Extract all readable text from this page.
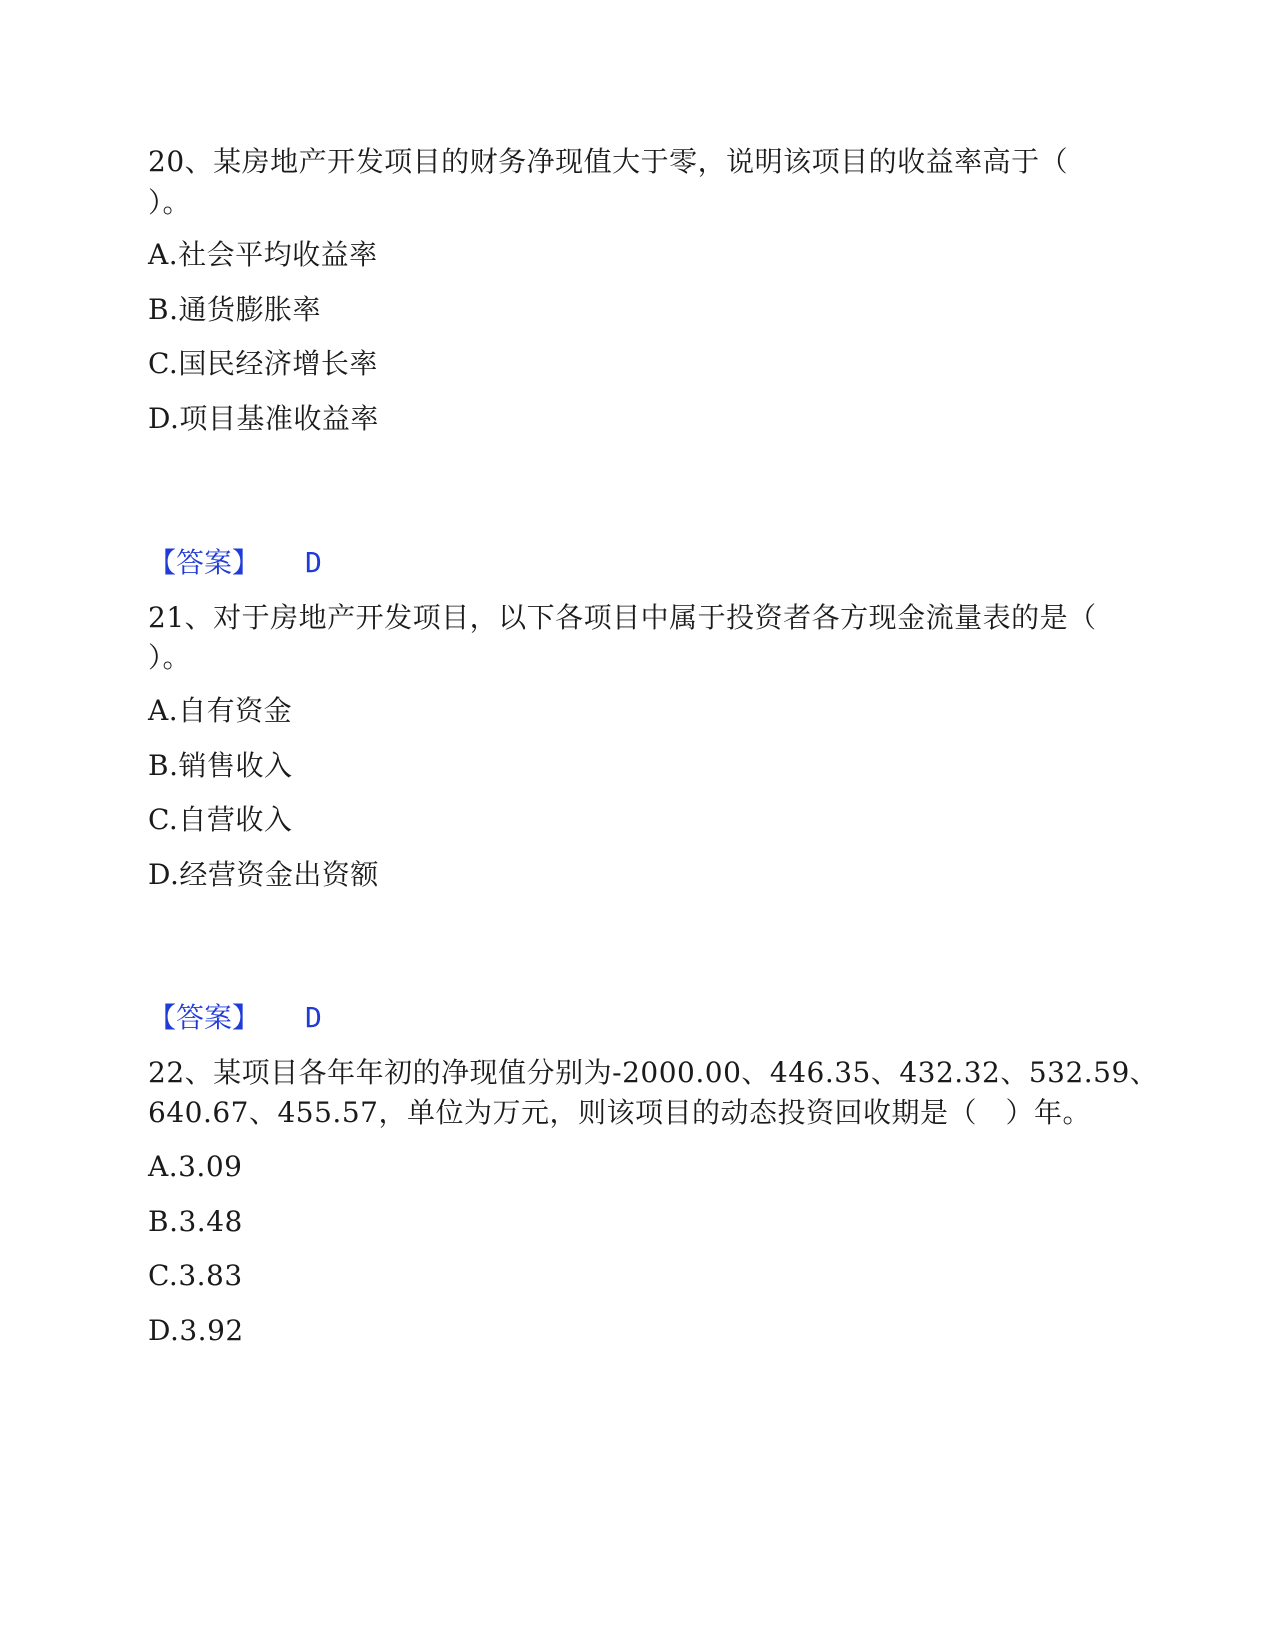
20、某房地产开发项目的财务净现值大于零，说明该项目的收益率高于（
）。
A.社会平均收益率
B.通货膨胀率
C.国民经济增长率
D.项目基准收益率
【答案】 D
21、对于房地产开发项目，以下各项目中属于投资者各方现金流量表的是（
）。
A.自有资金
B.销售收入
C.自营收入
D.经营资金出资额
【答案】 D
22、某项目各年年初的净现值分别为-2000.00、446.35、432.32、532.59、
640.67、455.57，单位为万元，则该项目的动态投资回收期是（　）年。
A.3.09
B.3.48
C.3.83
D.3.92
